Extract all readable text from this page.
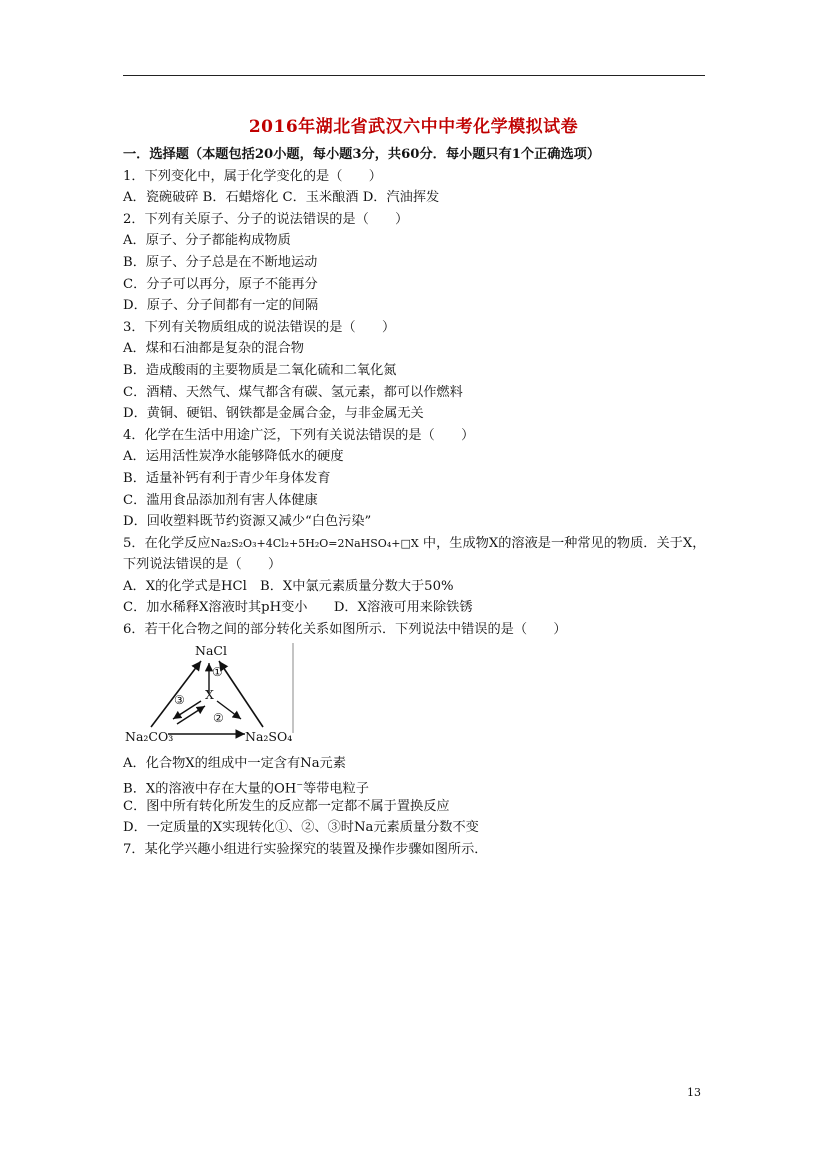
2016年湖北省武汉六中中考化学模拟试卷
一．选择题（本题包括20小题，每小题3分，共60分．每小题只有1个正确选项）
1．下列变化中，属于化学变化的是（　　）
A．瓷碗破碎 B．石蜡熔化 C．玉米酿酒 D．汽油挥发
2．下列有关原子、分子的说法错误的是（　　）
A．原子、分子都能构成物质
B．原子、分子总是在不断地运动
C．分子可以再分，原子不能再分
D．原子、分子间都有一定的间隔
3．下列有关物质组成的说法错误的是（　　）
A．煤和石油都是复杂的混合物
B．造成酸雨的主要物质是二氧化硫和二氧化氮
C．酒精、天然气、煤气都含有碳、氢元素，都可以作燃料
D．黄铜、硬铝、钢铁都是金属合金，与非金属无关
4．化学在生活中用途广泛，下列有关说法错误的是（　　）
A．运用活性炭净水能够降低水的硬度
B．适量补钙有利于青少年身体发育
C．滥用食品添加剂有害人体健康
D．回收塑料既节约资源又减少“白色污染”
5．在化学反应Na₂S₂O₃+4Cl₂+5H₂O=2NaHSO₄+□X 中，生成物X的溶液是一种常见的物质．关于X，下列说法错误的是（　　）
A．X的化学式是HCl　B．X中氯元素质量分数大于50%
C．加水稀释X溶液时其pH变小　　D．X溶液可用来除铁锈
6．若干化合物之间的部分转化关系如图所示．下列说法中错误的是（　　）
NaCl
X
Na₂CO₃	Na₂SO₄
①
②
③
A．化合物X的组成中一定含有Na元素
B．X的溶液中存在大量的OH−等带电粒子
C．图中所有转化所发生的反应都一定都不属于置换反应
D．一定质量的X实现转化①、②、③时Na元素质量分数不变
7．某化学兴趣小组进行实验探究的装置及操作步骤如图所示．
13
